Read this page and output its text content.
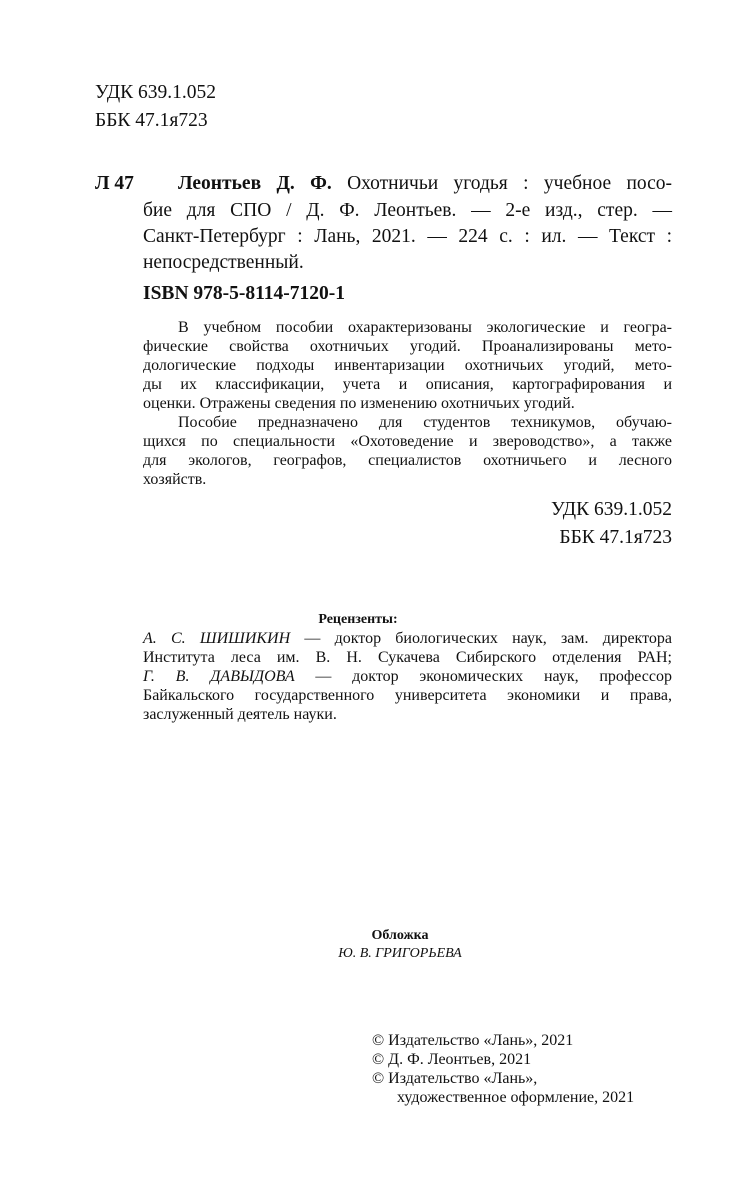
УДК 639.1.052
ББК 47.1я723
Л 47 Леонтьев Д. Ф. Охотничьи угодья : учебное посо-
бие для СПО / Д. Ф. Леонтьев. — 2-е изд., стер. —
Санкт-Петербург : Лань, 2021. — 224 с. : ил. — Текст :
непосредственный.
ISBN 978-5-8114-7120-1
В учебном пособии охарактеризованы экологические и геогра-
фические свойства охотничьих угодий. Проанализированы мето-
дологические подходы инвентаризации охотничьих угодий, мето-
ды их классификации, учета и описания, картографирования и
оценки. Отражены сведения по изменению охотничьих угодий.
Пособие предназначено для студентов техникумов, обучаю-
щихся по специальности «Охотоведение и звероводство», а также
для экологов, географов, специалистов охотничьего и лесного
хозяйств.
УДК 639.1.052
ББК 47.1я723
Рецензенты:
А. С. ШИШИКИН — доктор биологических наук, зам. директора
Института леса им. В. Н. Сукачева Сибирского отделения РАН;
Г. В. ДАВЫДОВА — доктор экономических наук, профессор
Байкальского государственного университета экономики и права,
заслуженный деятель науки.
Обложка
Ю. В. ГРИГОРЬЕВА
© Издательство «Лань», 2021
© Д. Ф. Леонтьев, 2021
© Издательство «Лань»,
художественное оформление, 2021
